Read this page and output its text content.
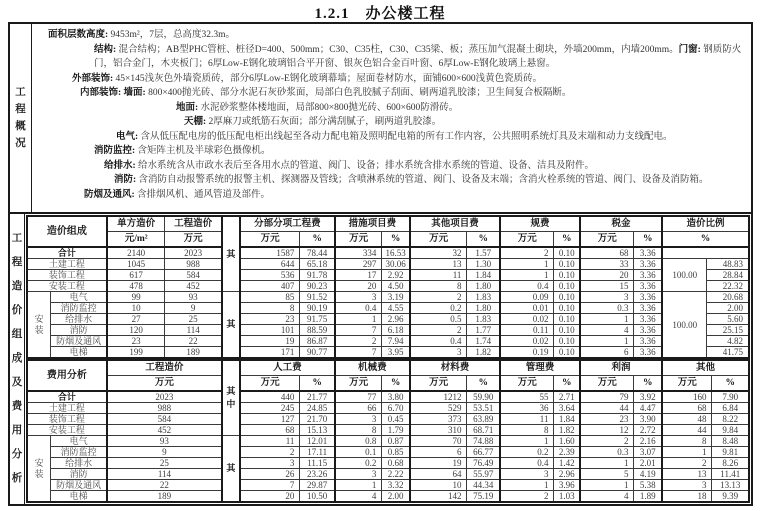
1.2.1　办公楼工程
工程概况
面积层数高度: 9453m²，7层，总高度32.3m。
结构: 混合结构；AB型PHC管桩、桩径D=400、500mm；C30、C35柱，C30、C35梁、板；蒸压加气混凝土砌块，外墙200mm，内墙200mm。门窗: 钢质防火门，铝合金门，木夹板门；6厚Low-E钢化玻璃铝合平开窗、银灰色铝合金百叶窗、6厚Low-E钢化玻璃上悬窗。
外部装饰: 45×145浅灰色外墙瓷质砖，部分6厚Low-E钢化玻璃幕墙；屋面卷材防水，面铺600×600浅黄色瓷质砖。
内部装饰: 墙面: 800×400抛光砖、部分水泥石灰砂浆面，局部白色乳胶腻子刮面、刷两道乳胶漆；卫生间复合板隔断。
地面: 水泥砂浆整体楼地面，局部800×800抛光砖、600×600防滑砖。
天棚: 2厚麻刀或纸筋石灰面；部分满刮腻子，刷两道乳胶漆。
电气: 含从低压配电房的低压配电柜出线起至各动力配电箱及照明配电箱的所有工作内容，公共照明系统灯具及末端和动力支线配电。
消防监控: 含矩阵主机及半球彩色摄像机。
给排水: 给水系统含从市政水表后至各用水点的管道、阀门、设备；排水系统含排水系统的管道、设备、洁具及附件。
消防: 含消防自动报警系统的报警主机、探测器及管线；含喷淋系统的管道、阀门、设备及末端；含消火栓系统的管道、阀门、设备及消防箱。
防烟及通风: 含排烟风机、通风管道及部件。
工程造价组成及费用分析
造价组成		单方造价	工程造价	其	分部分项工程费		措施项目费		其他项目费		规费		税金		造价比例	
		元/m²	万元		万元	%	万元	%	万元	%	万元	%	万元	%	%	
合计		2140	2023		1587	78.44	334	16.53	32	1.57	2	0.10	68	3.36		
土建工程		1045	988		644	65.18	297	30.06	13	1.30	1	0.10	33	3.36	100.00	48.83
装饰工程		617	584		536	91.78	17	2.92	11	1.84	1	0.10	20	3.36		28.84
安装工程		478	452		407	90.23	20	4.50	8	1.80	0.4	0.10	15	3.36		22.32
安装	电气	99	93	其	85	91.52	3	3.19	2	1.83	0.09	0.10	3	3.36	100.00	20.68
	消防监控	10	9		8	90.19	0.4	4.55	0.2	1.80	0.01	0.10	0.3	3.36		2.00
	给排水	27	25		23	91.75	1	2.96	0.5	1.83	0.02	0.10	1	3.36		5.60
	消防	120	114		101	88.59	7	6.18	2	1.77	0.11	0.10	4	3.36		25.15
	防烟及通风	23	22		19	86.87	2	7.94	0.4	1.74	0.02	0.10	1	3.36		4.82
	电梯	199	189		171	90.77	7	3.95	3	1.82	0.19	0.10	6	3.36		41.75
费用分析		工程造价	其中	人工费		机械费		材料费		管理费		利润		其他	
		万元		万元	%	万元	%	万元	%	万元	%	万元	%	万元	%
合计		2023		440	21.77	77	3.80	1212	59.90	55	2.71	79	3.92	160	7.90
土建工程		988		245	24.85	66	6.70	529	53.51	36	3.64	44	4.47	68	6.84
装饰工程		584		127	21.70	3	0.45	373	63.89	11	1.84	23	3.90	48	8.22
安装工程		452		68	15.13	8	1.79	310	68.71	8	1.82	12	2.72	44	9.84
安装	电气	93	其	11	12.01	0.8	0.87	70	74.88	1	1.60	2	2.16	8	8.48
	消防监控	9		2	17.11	0.1	0.85	6	66.77	0.2	2.39	0.3	3.07	1	9.81
	给排水	25		3	11.15	0.2	0.68	19	76.49	0.4	1.42	1	2.01	2	8.26
	消防	114		26	23.26	3	2.22	64	55.97	3	2.96	5	4.19	13	11.41
	防烟及通风	22		7	29.87	1	3.32	10	44.34	1	3.96	1	5.38	3	13.13
	电梯	189		20	10.50	4	2.00	142	75.19	2	1.03	4	1.89	18	9.39
